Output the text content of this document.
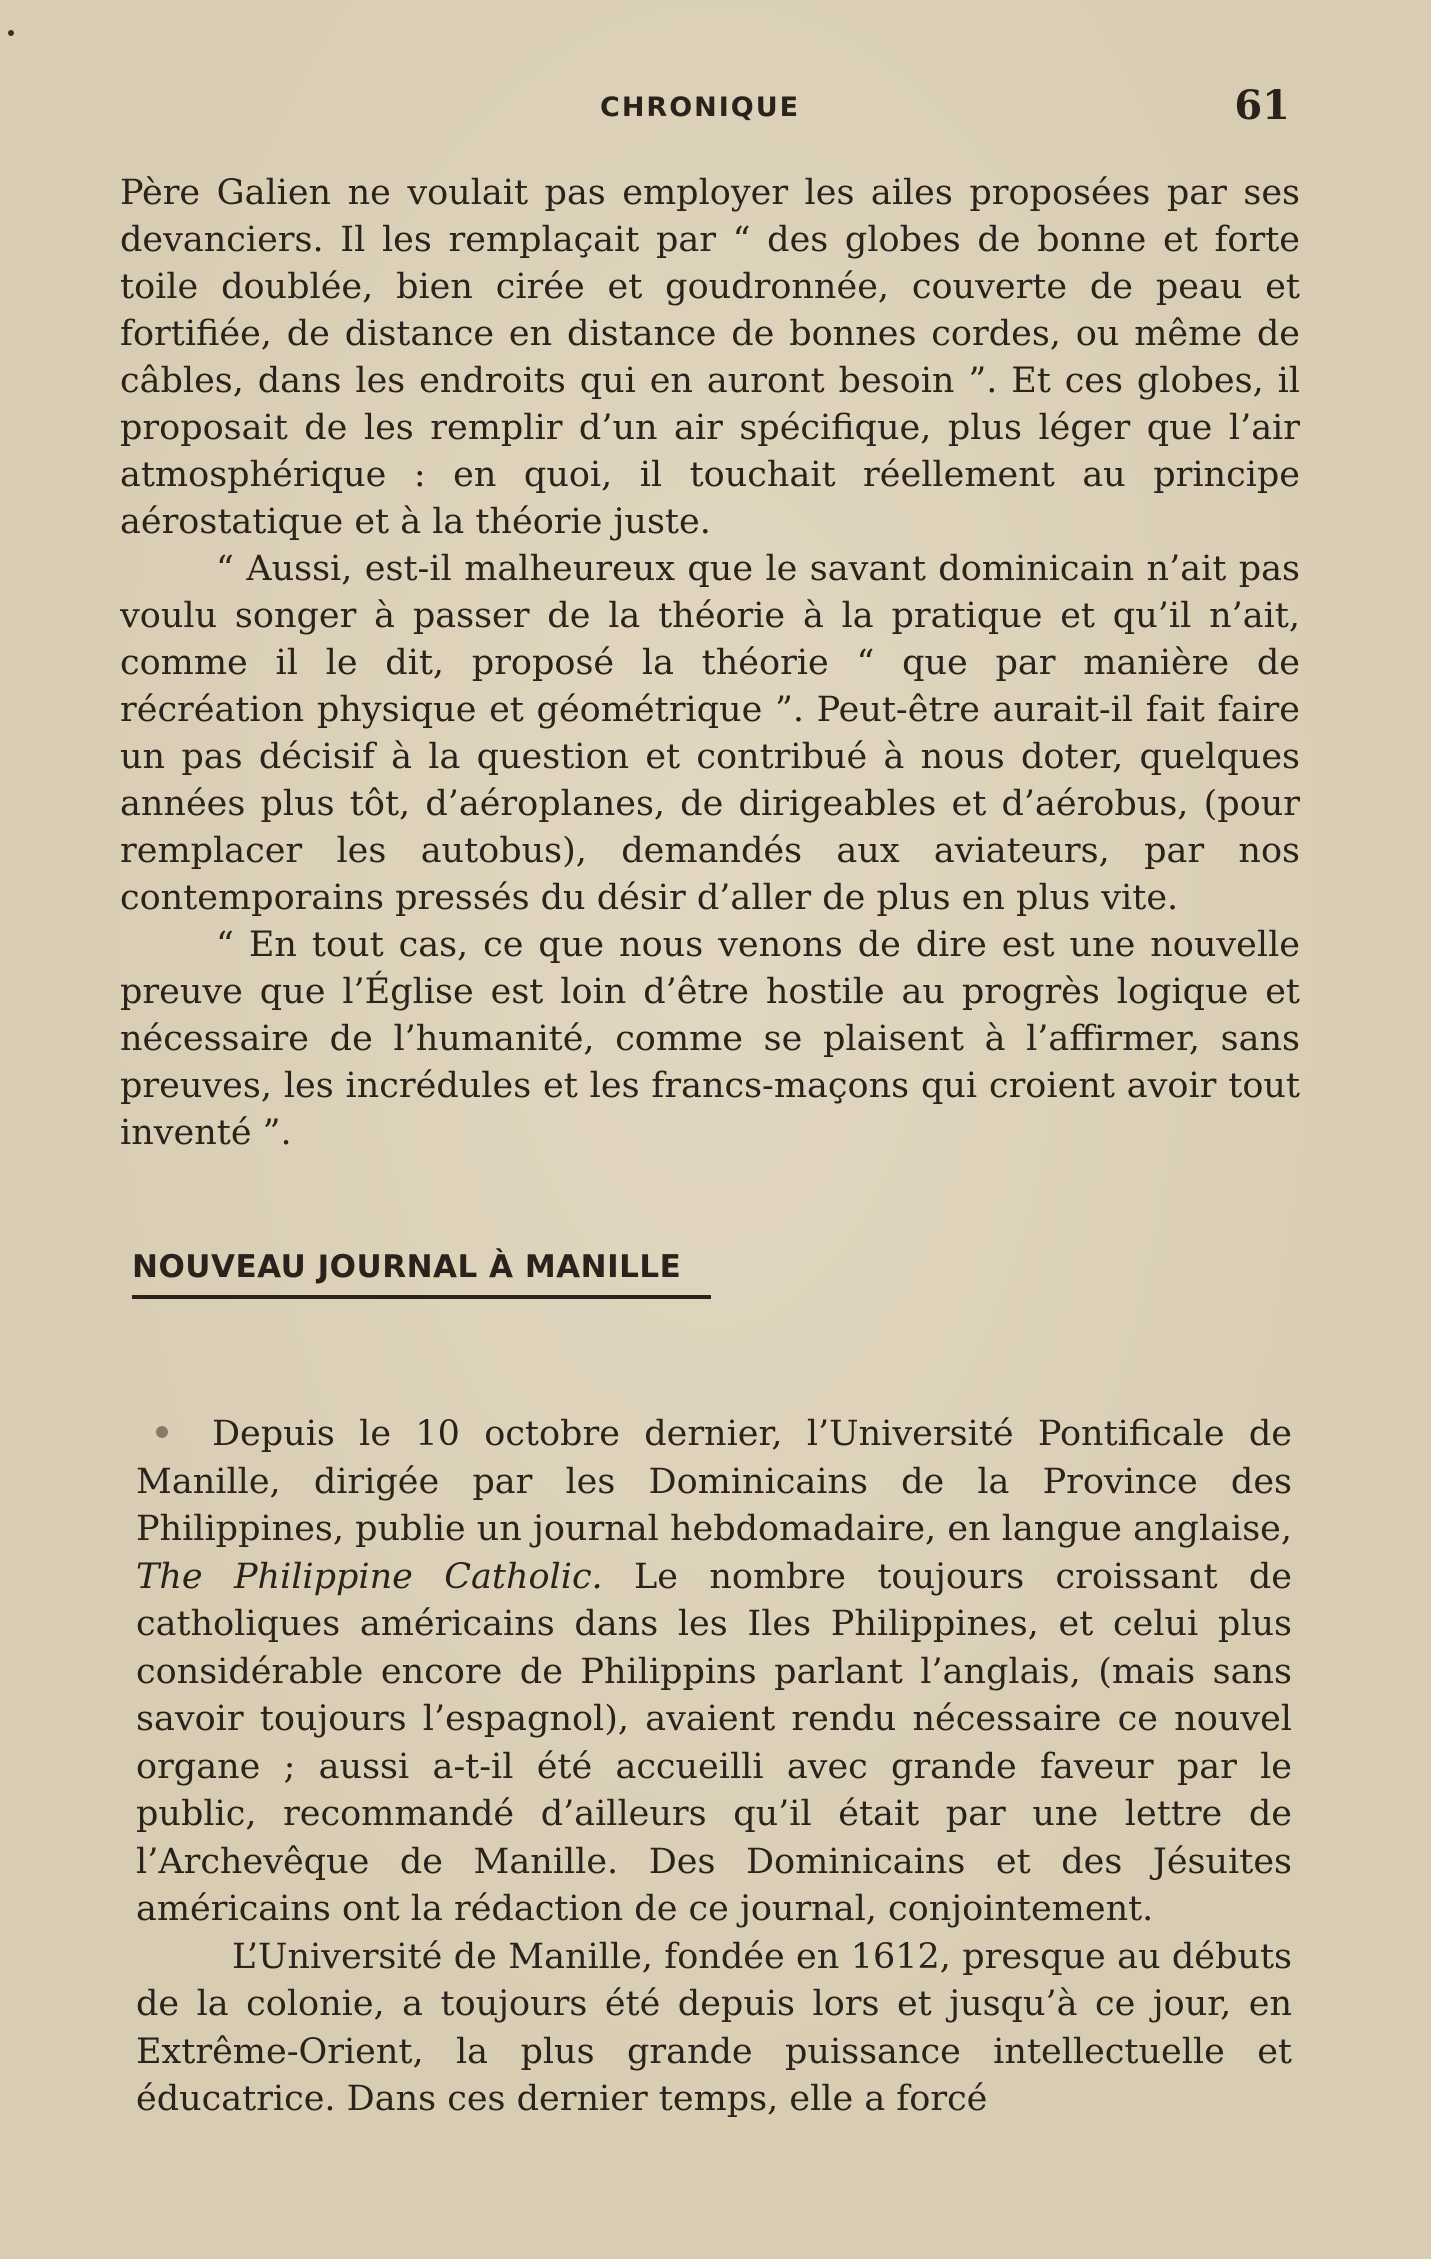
CHRONIQUE	61

Père Galien ne voulait pas employer les ailes proposées par ses devanciers. Il les remplaçait par “ des globes de bonne et forte toile doublée, bien cirée et goudronnée, couverte de peau et fortifiée, de distance en distance de bonnes cordes, ou même de câbles, dans les endroits qui en auront besoin ”. Et ces globes, il proposait de les remplir d’un air spécifique, plus léger que l’air atmosphérique : en quoi, il touchait réellement au principe aérostatique et à la théorie juste.

“ Aussi, est-il malheureux que le savant dominicain n’ait pas voulu songer à passer de la théorie à la pratique et qu’il n’ait, comme il le dit, proposé la théorie “ que par manière de récréation physique et géométrique ”. Peut-être aurait-il fait faire un pas décisif à la question et contribué à nous doter, quelques années plus tôt, d’aéroplanes, de dirigeables et d’aérobus, (pour remplacer les autobus), demandés aux aviateurs, par nos contemporains pressés du désir d’aller de plus en plus vite.

“ En tout cas, ce que nous venons de dire est une nouvelle preuve que l’Église est loin d’être hostile au progrès logique et nécessaire de l’humanité, comme se plaisent à l’affirmer, sans preuves, les incrédules et les francs-maçons qui croient avoir tout inventé ”.

NOUVEAU JOURNAL À MANILLE

Depuis le 10 octobre dernier, l’Université Pontificale de Manille, dirigée par les Dominicains de la Province des Philippines, publie un journal hebdomadaire, en langue anglaise, The Philippine Catholic. Le nombre toujours croissant de catholiques américains dans les Iles Philippines, et celui plus considérable encore de Philippins parlant l’anglais, (mais sans savoir toujours l’espagnol), avaient rendu nécessaire ce nouvel organe ; aussi a-t-il été accueilli avec grande faveur par le public, recommandé d’ailleurs qu’il était par une lettre de l’Archevêque de Manille. Des Dominicains et des Jésuites américains ont la rédaction de ce journal, conjointement.

L’Université de Manille, fondée en 1612, presque au débuts de la colonie, a toujours été depuis lors et jusqu’à ce jour, en Extrême-Orient, la plus grande puissance intellectuelle et éducatrice. Dans ces dernier temps, elle a forcé
